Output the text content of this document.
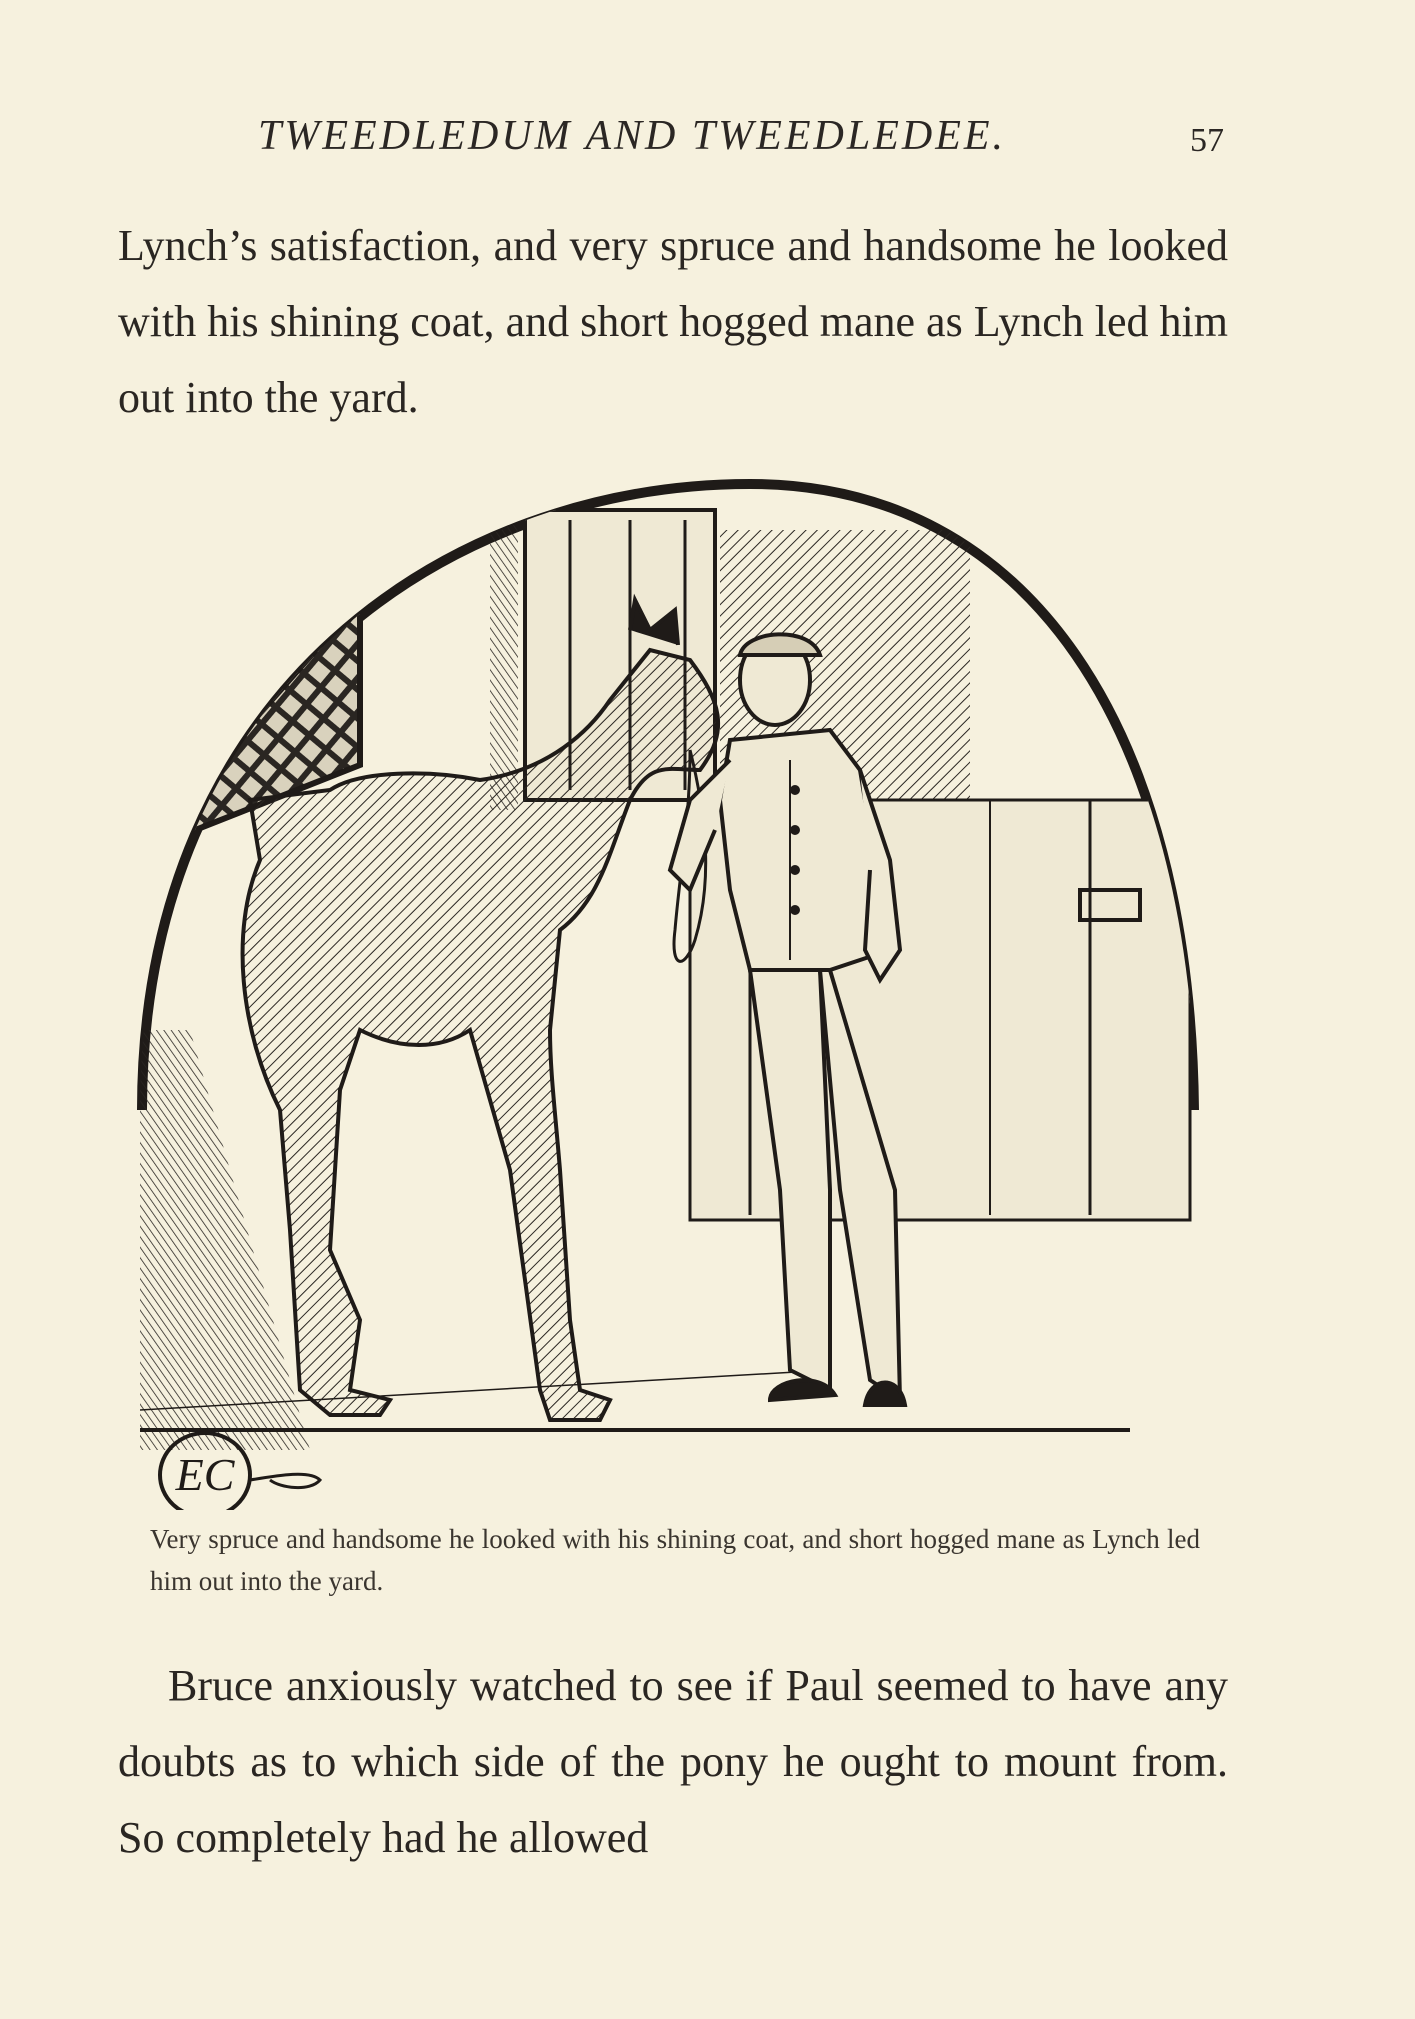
TWEEDLEDUM AND TWEEDLEDEE.	57
Lynch’s satisfaction, and very spruce and handsome he looked with his shining coat, and short hogged mane as Lynch led him out into the yard.
EC
Very spruce and handsome he looked with his shining coat, and short hogged mane as Lynch led him out into the yard.
Bruce anxiously watched to see if Paul seemed to have any doubts as to which side of the pony he ought to mount from. So completely had he allowed
